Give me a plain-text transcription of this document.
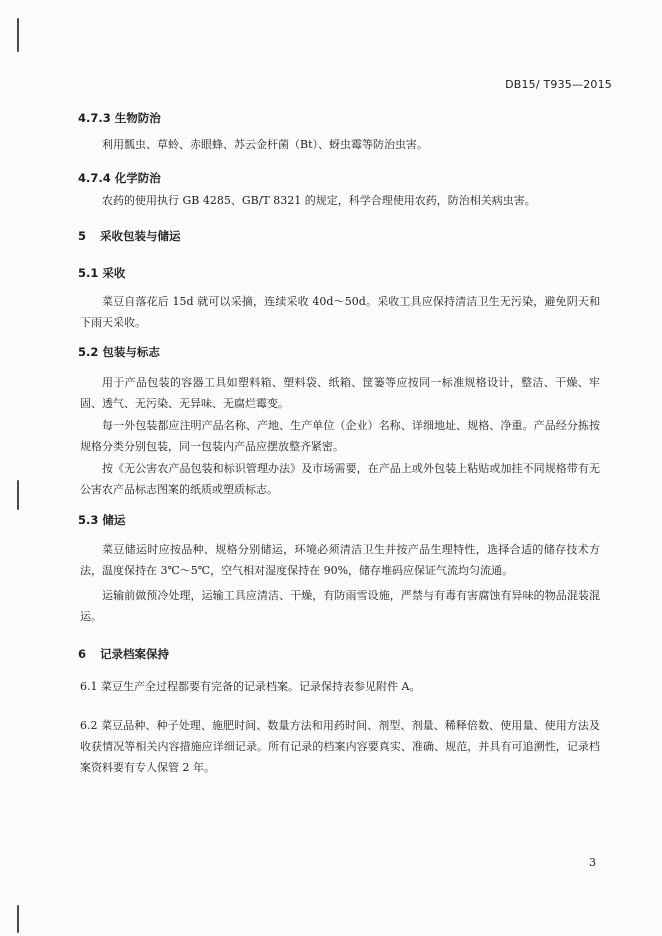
DB15/ T935—2015
4.7.3 生物防治
利用瓢虫、草蛉、赤眼蜂、苏云金杆菌（Bt）、蚜虫霉等防治虫害。
4.7.4 化学防治
农药的使用执行 GB 4285、GB/T 8321 的规定，科学合理使用农药，防治相关病虫害。
5 采收包装与储运
5.1 采收
菜豆自落花后 15d 就可以采摘，连续采收 40d～50d。采收工具应保持清洁卫生无污染，避免阴天和下雨天采收。
5.2 包装与标志
用于产品包装的容器工具如塑料箱、塑料袋、纸箱、筐篓等应按同一标准规格设计，整洁、干燥、牢固、透气、无污染、无异味、无腐烂霉变。
每一外包装都应注明产品名称、产地、生产单位（企业）名称、详细地址、规格、净重。产品经分拣按规格分类分别包装，同一包装内产品应摆放整齐紧密。
按《无公害农产品包装和标识管理办法》及市场需要，在产品上或外包装上粘贴或加挂不同规格带有无公害农产品标志图案的纸质或塑质标志。
5.3 储运
菜豆储运时应按品种、规格分别储运，环境必须清洁卫生并按产品生理特性，选择合适的储存技术方法，温度保持在 3℃～5℃，空气相对湿度保持在 90%，储存堆码应保证气流均匀流通。
运输前做预冷处理，运输工具应清洁、干燥，有防雨雪设施，严禁与有毒有害腐蚀有异味的物品混装混运。
6 记录档案保持
6.1 菜豆生产全过程都要有完备的记录档案。记录保持表参见附件 A。
6.2 菜豆品种、种子处理、施肥时间、数量方法和用药时间、剂型、剂量、稀释倍数、使用量、使用方法及收获情况等相关内容措施应详细记录。所有记录的档案内容要真实、准确、规范，并具有可追溯性，记录档案资料要有专人保管 2 年。
3
